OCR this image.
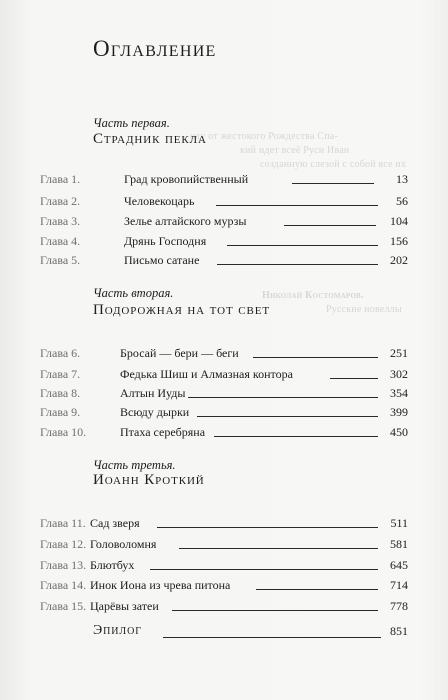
оду от жестокого Рождества Спа-
кий идет всеё Руси Иван
созданную слезой с собой все их
Николай Костомаров.
Русские новеллы
Оглавление
Часть первая.
Страдник пекла
Глава 1.	Град кровопийственный	13
Глава 2.	Человекоцарь	56
Глава 3.	Зелье алтайского мурзы	104
Глава 4.	Дрянь Господня	156
Глава 5.	Письмо сатане	202
Часть вторая.
Подорожная на тот свет
Глава 6.	Бросай — бери — беги	251
Глава 7.	Федька Шиш и Алмазная контора	302
Глава 8.	Алтын Иуды	354
Глава 9.	Всюду дырки	399
Глава 10.	Птаха серебряна	450
Часть третья.
Иоанн Кроткий
Глава 11. Сад зверя	511
Глава 12. Головоломня	581
Глава 13. Блютбух	645
Глава 14. Инок Иона из чрева питона	714
Глава 15. Царёвы затеи	778
Эпилог	851
